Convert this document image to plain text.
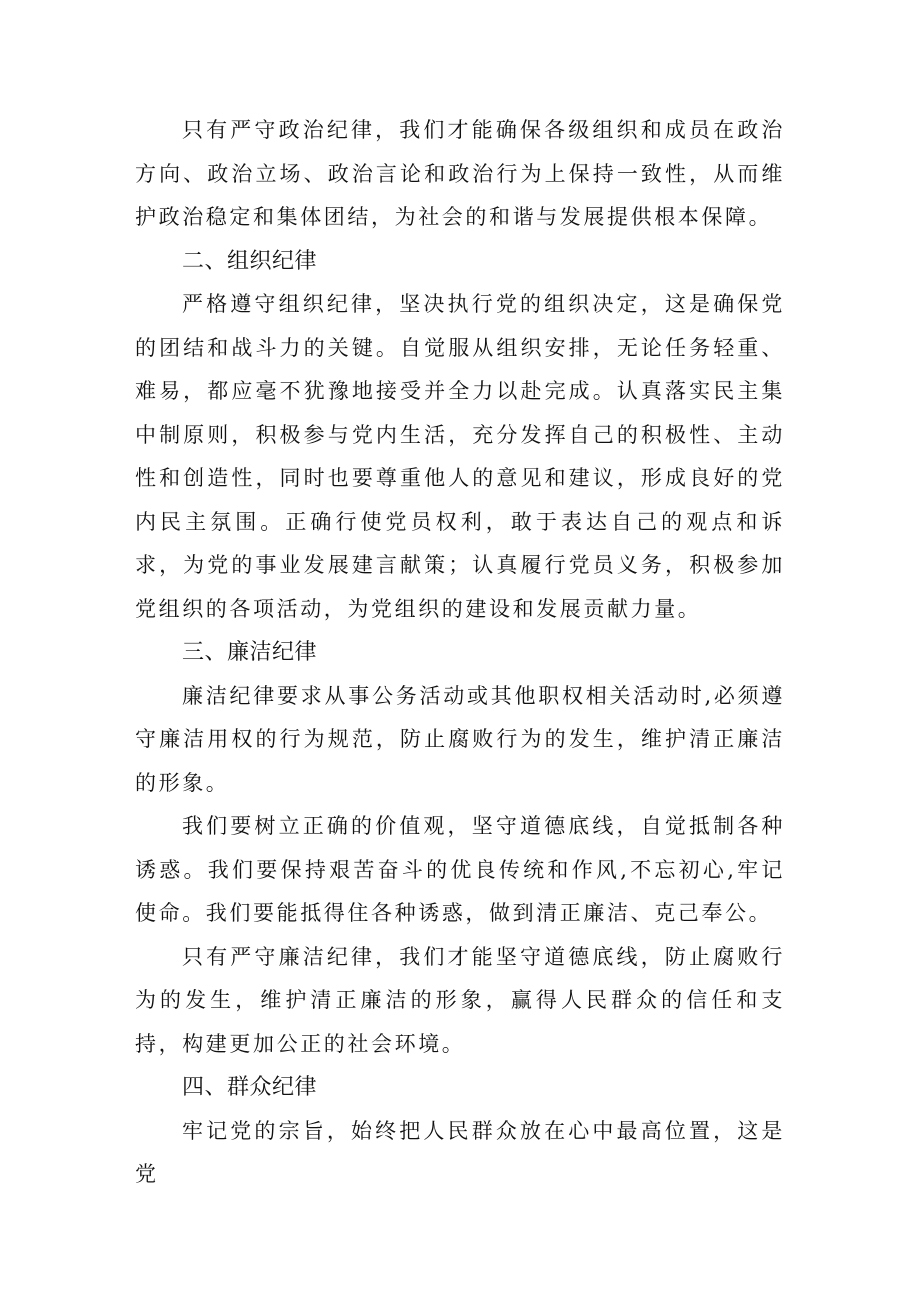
只有严守政治纪律，我们才能确保各级组织和成员在政治方向、政治立场、政治言论和政治行为上保持一致性，从而维护政治稳定和集体团结，为社会的和谐与发展提供根本保障。

二、组织纪律

严格遵守组织纪律，坚决执行党的组织决定，这是确保党的团结和战斗力的关键。自觉服从组织安排，无论任务轻重、难易，都应毫不犹豫地接受并全力以赴完成。认真落实民主集中制原则，积极参与党内生活，充分发挥自己的积极性、主动性和创造性，同时也要尊重他人的意见和建议，形成良好的党内民主氛围。正确行使党员权利，敢于表达自己的观点和诉求，为党的事业发展建言献策；认真履行党员义务，积极参加党组织的各项活动，为党组织的建设和发展贡献力量。

三、廉洁纪律

廉洁纪律要求从事公务活动或其他职权相关活动时,必须遵守廉洁用权的行为规范，防止腐败行为的发生，维护清正廉洁的形象。

我们要树立正确的价值观，坚守道德底线，自觉抵制各种诱惑。我们要保持艰苦奋斗的优良传统和作风,不忘初心,牢记使命。我们要能抵得住各种诱惑，做到清正廉洁、克己奉公。

只有严守廉洁纪律，我们才能坚守道德底线，防止腐败行为的发生，维护清正廉洁的形象，赢得人民群众的信任和支持，构建更加公正的社会环境。

四、群众纪律

牢记党的宗旨，始终把人民群众放在心中最高位置，这是党
